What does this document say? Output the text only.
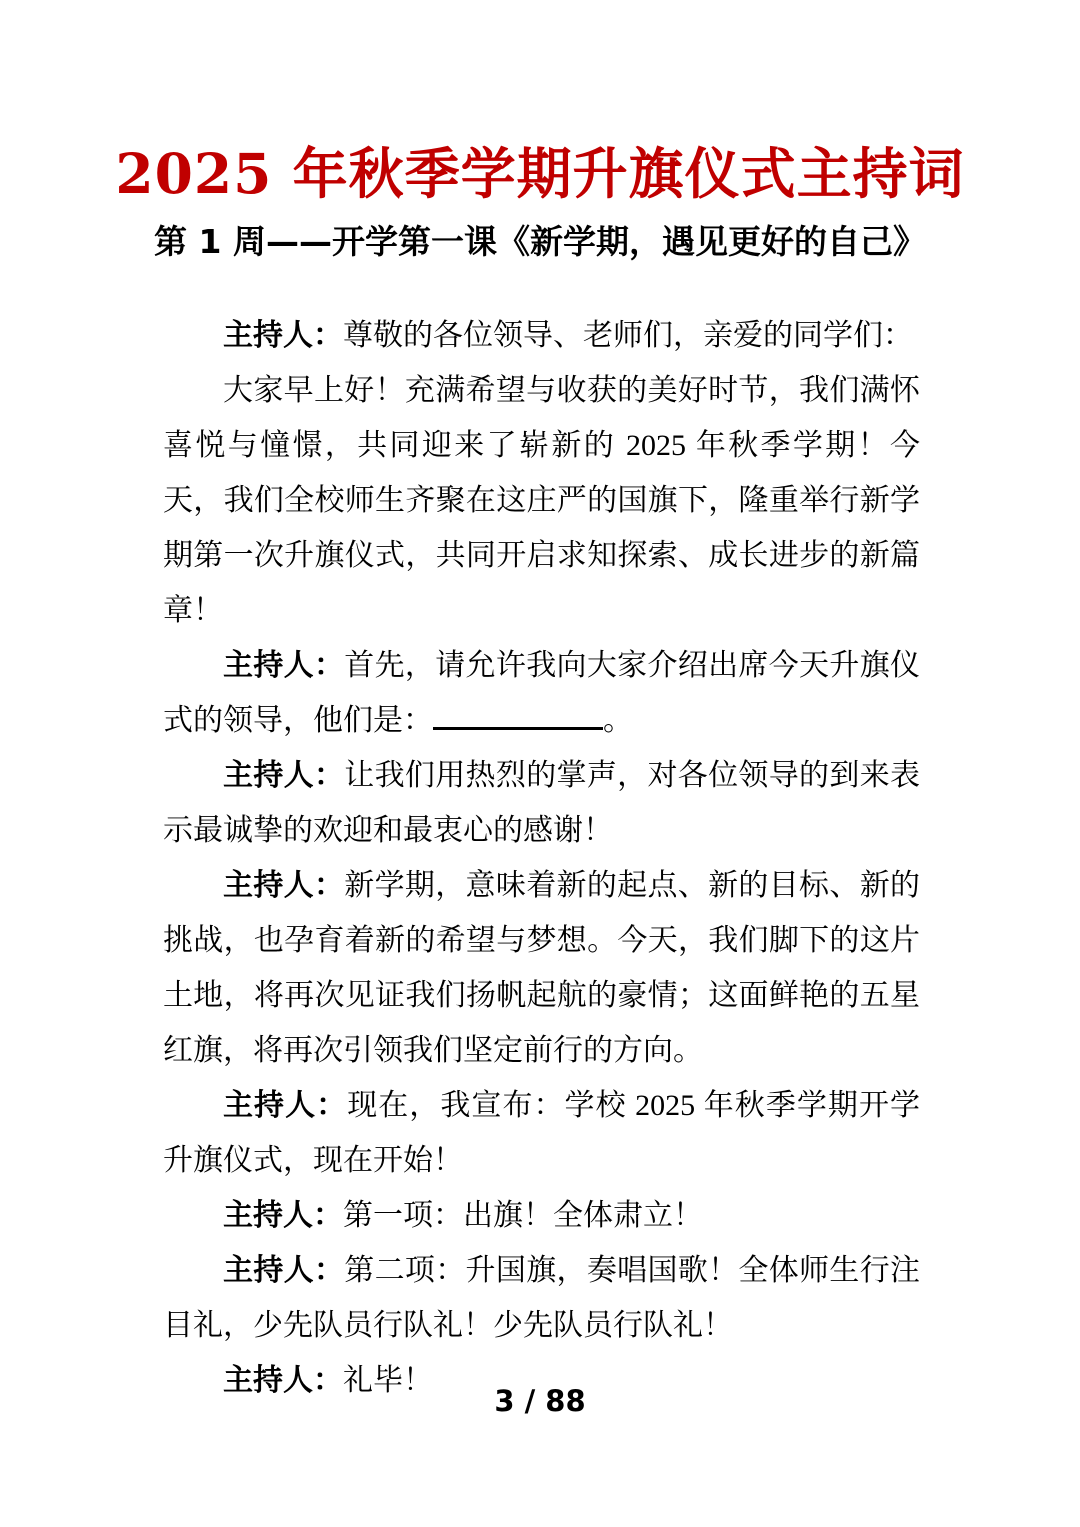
2025 年秋季学期升旗仪式主持词
第 1 周——开学第一课《新学期，遇见更好的自己》

主持人：尊敬的各位领导、老师们，亲爱的同学们：

大家早上好！充满希望与收获的美好时节，我们满怀喜悦与憧憬，共同迎来了崭新的 2025 年秋季学期！今天，我们全校师生齐聚在这庄严的国旗下，隆重举行新学期第一次升旗仪式，共同开启求知探索、成长进步的新篇章！

主持人：首先，请允许我向大家介绍出席今天升旗仪式的领导，他们是：	。

主持人：让我们用热烈的掌声，对各位领导的到来表示最诚挚的欢迎和最衷心的感谢！

主持人：新学期，意味着新的起点、新的目标、新的挑战，也孕育着新的希望与梦想。今天，我们脚下的这片土地，将再次见证我们扬帆起航的豪情；这面鲜艳的五星红旗，将再次引领我们坚定前行的方向。

主持人：现在，我宣布：学校 2025 年秋季学期开学升旗仪式，现在开始！

主持人：第一项：出旗！全体肃立！

主持人：第二项：升国旗，奏唱国歌！全体师生行注目礼，少先队员行队礼！少先队员行队礼！

主持人：礼毕！

3 / 88
